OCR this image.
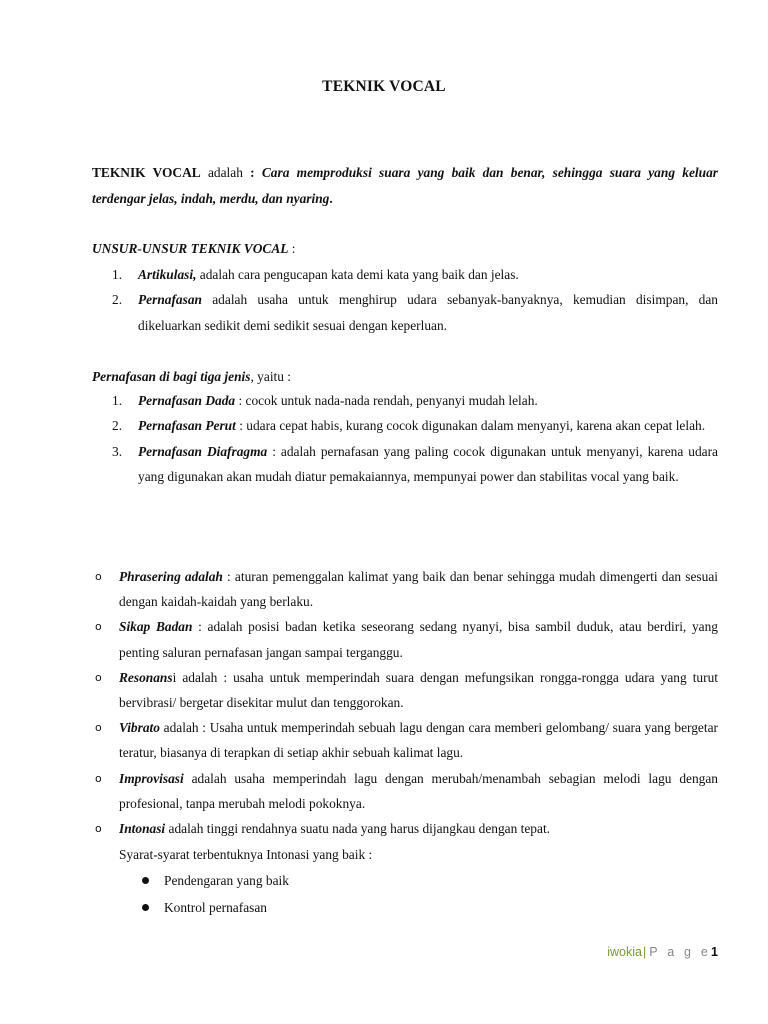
TEKNIK VOCAL
TEKNIK VOCAL adalah : Cara memproduksi suara yang baik dan benar, sehingga suara yang keluar terdengar jelas, indah, merdu, dan nyaring.
UNSUR-UNSUR TEKNIK VOCAL :
1. Artikulasi, adalah cara pengucapan kata demi kata yang baik dan jelas.
2. Pernafasan adalah usaha untuk menghirup udara sebanyak-banyaknya, kemudian disimpan, dan dikeluarkan sedikit demi sedikit sesuai dengan keperluan.
Pernafasan di bagi tiga jenis, yaitu :
1. Pernafasan Dada : cocok untuk nada-nada rendah, penyanyi mudah lelah.
2. Pernafasan Perut : udara cepat habis, kurang cocok digunakan dalam menyanyi, karena akan cepat lelah.
3. Pernafasan Diafragma : adalah pernafasan yang paling cocok digunakan untuk menyanyi, karena udara yang digunakan akan mudah diatur pemakaiannya, mempunyai power dan stabilitas vocal yang baik.
o Phrasering adalah : aturan pemenggalan kalimat yang baik dan benar sehingga mudah dimengerti dan sesuai dengan kaidah-kaidah yang berlaku.
o Sikap Badan : adalah posisi badan ketika seseorang sedang nyanyi, bisa sambil duduk, atau berdiri, yang penting saluran pernafasan jangan sampai terganggu.
o Resonansi adalah : usaha untuk memperindah suara dengan mefungsikan rongga-rongga udara yang turut bervibrasi/ bergetar disekitar mulut dan tenggorokan.
o Vibrato adalah : Usaha untuk memperindah sebuah lagu dengan cara memberi gelombang/ suara yang bergetar teratur, biasanya di terapkan di setiap akhir sebuah kalimat lagu.
o Improvisasi adalah usaha memperindah lagu dengan merubah/menambah sebagian melodi lagu dengan profesional, tanpa merubah melodi pokoknya.
o Intonasi adalah tinggi rendahnya suatu nada yang harus dijangkau dengan tepat.
Syarat-syarat terbentuknya Intonasi yang baik :
Pendengaran yang baik
Kontrol pernafasan
iwokia| P a g e1
